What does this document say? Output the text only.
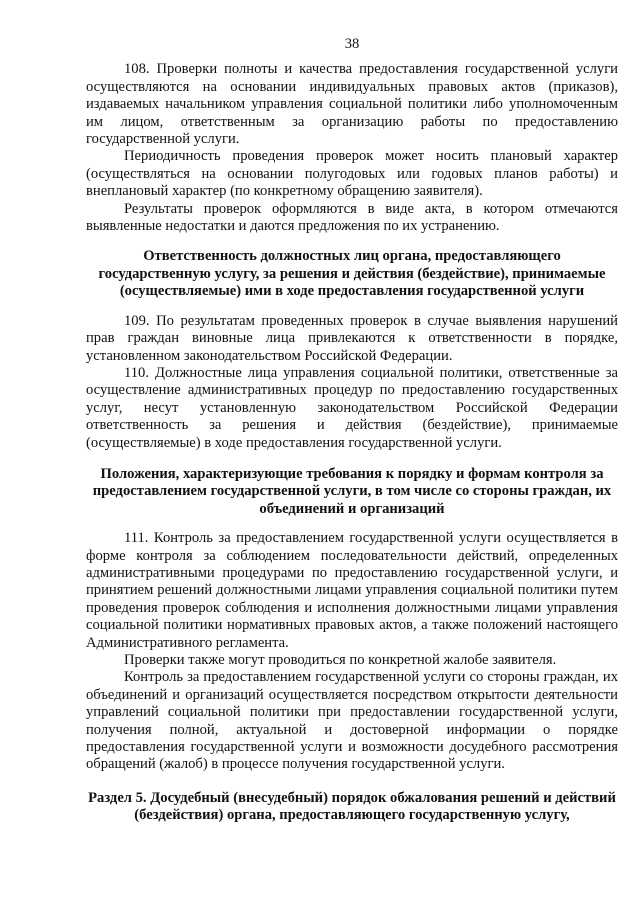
38

108. Проверки полноты и качества предоставления государственной услуги осуществляются на основании индивидуальных правовых актов (приказов), издаваемых начальником управления социальной политики либо уполномоченным им лицом, ответственным за организацию работы по предоставлению государственной услуги.

Периодичность проведения проверок может носить плановый характер (осуществляться на основании полугодовых или годовых планов работы) и внеплановый характер (по конкретному обращению заявителя).

Результаты проверок оформляются в виде акта, в котором отмечаются выявленные недостатки и даются предложения по их устранению.

Ответственность должностных лиц органа, предоставляющего государственную услугу, за решения и действия (бездействие), принимаемые (осуществляемые) ими в ходе предоставления государственной услуги

109. По результатам проведенных проверок в случае выявления нарушений прав граждан виновные лица привлекаются к ответственности в порядке, установленном законодательством Российской Федерации.

110. Должностные лица управления социальной политики, ответственные за осуществление административных процедур по предоставлению государственных услуг, несут установленную законодательством Российской Федерации ответственность за решения и действия (бездействие), принимаемые (осуществляемые) в ходе предоставления государственной услуги.

Положения, характеризующие требования к порядку и формам контроля за предоставлением государственной услуги, в том числе со стороны граждан, их объединений и организаций

111. Контроль за предоставлением государственной услуги осуществляется в форме контроля за соблюдением последовательности действий, определенных административными процедурами по предоставлению государственной услуги, и принятием решений должностными лицами управления социальной политики путем проведения проверок соблюдения и исполнения должностными лицами управления социальной политики нормативных правовых актов, а также положений настоящего Административного регламента.

Проверки также могут проводиться по конкретной жалобе заявителя.

Контроль за предоставлением государственной услуги со стороны граждан, их объединений и организаций осуществляется посредством открытости деятельности управлений социальной политики при предоставлении государственной услуги, получения полной, актуальной и достоверной информации о порядке предоставления государственной услуги и возможности досудебного рассмотрения обращений (жалоб) в процессе получения государственной услуги.

Раздел 5. Досудебный (внесудебный) порядок обжалования решений и действий (бездействия) органа, предоставляющего государственную услугу,
